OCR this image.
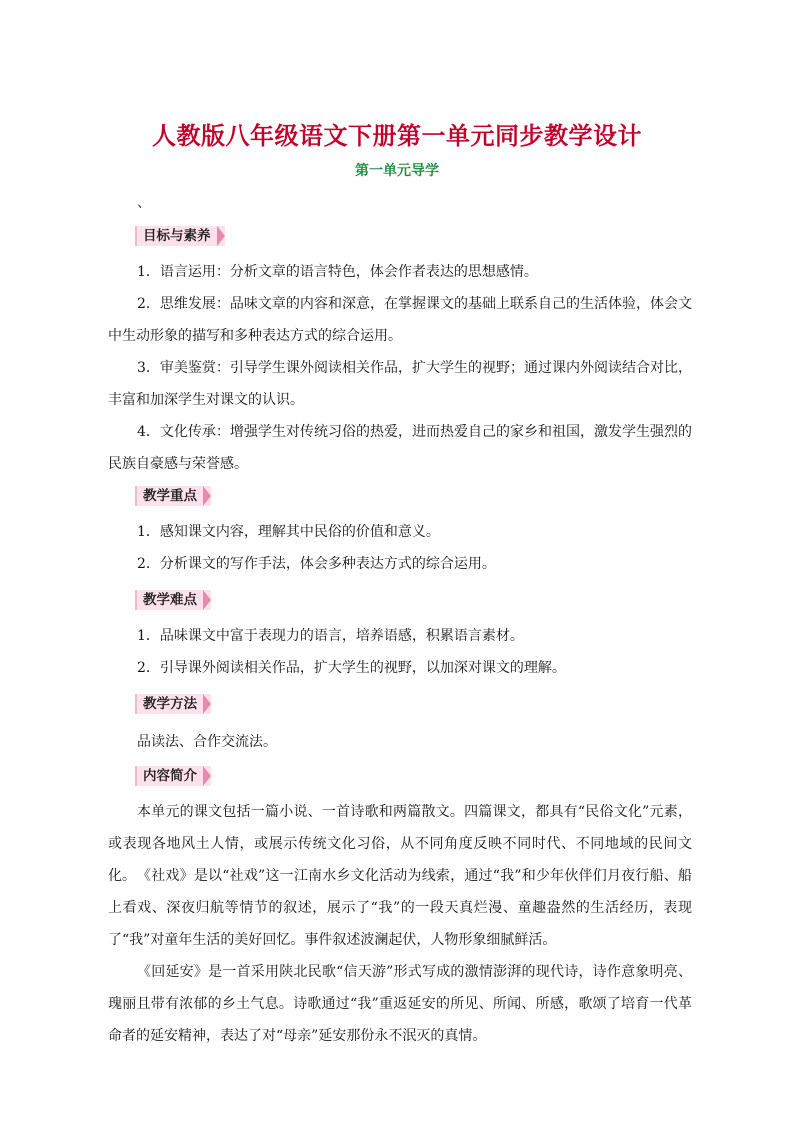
人教版八年级语文下册第一单元同步教学设计
第一单元导学
、
目标与素养

1．语言运用：分析文章的语言特色，体会作者表达的思想感情。

2．思维发展：品味文章的内容和深意，在掌握课文的基础上联系自己的生活体验，体会文中生动形象的描写和多种表达方式的综合运用。

3．审美鉴赏：引导学生课外阅读相关作品，扩大学生的视野；通过课内外阅读结合对比，丰富和加深学生对课文的认识。

4．文化传承：增强学生对传统习俗的热爱，进而热爱自己的家乡和祖国，激发学生强烈的民族自豪感与荣誉感。

教学重点

1．感知课文内容，理解其中民俗的价值和意义。

2．分析课文的写作手法，体会多种表达方式的综合运用。

教学难点

1．品味课文中富于表现力的语言，培养语感，积累语言素材。

2．引导课外阅读相关作品，扩大学生的视野，以加深对课文的理解。

教学方法

品读法、合作交流法。

内容简介

本单元的课文包括一篇小说、一首诗歌和两篇散文。四篇课文，都具有“民俗文化”元素，或表现各地风土人情，或展示传统文化习俗，从不同角度反映不同时代、不同地域的民间文化。 《社戏》是以“社戏”这一江南水乡文化活动为线索，通过“我”和少年伙伴们月夜行船、船上看戏、深夜归航等情节的叙述，展示了“我”的一段天真烂漫、童趣盎然的生活经历，表现了“我”对童年生活的美好回忆。事件叙述波澜起伏，人物形象细腻鲜活。

《回延安》是一首采用陕北民歌“信天游”形式写成的激情澎湃的现代诗，诗作意象明亮、瑰丽且带有浓郁的乡土气息。诗歌通过“我”重返延安的所见、所闻、所感，歌颂了培育一代革命者的延安精神，表达了对“母亲”延安那份永不泯灭的真情。
